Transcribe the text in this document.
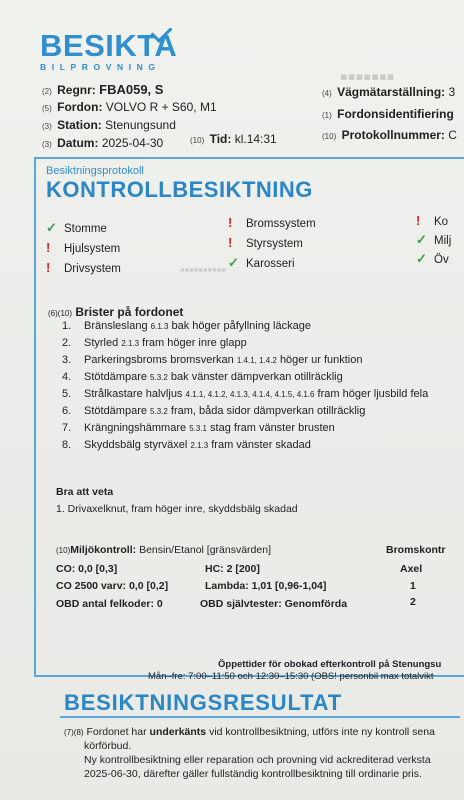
BESIKTA
BILPROVNING	▪▪▪▪▪▪▪
(2) Regnr: FBA059, S
(5) Fordon: VOLVO R + S60, M1
(3) Station: Stenungsund
(3) Datum: 2025-04-30	(10) Tid: kl.14:31
(4) Vägmätarställning: 3
(1) Fordonsidentifiering
(10) Protokollnummer: C
Besiktningsprotokoll
KONTROLLBESIKTNING
✓ Stomme
! Hjulsystem
! Drivsystem
! Bromssystem
! Styrsystem
✓ Karosseri
! Ko
✓ Milj
✓ Öv
▪▪▪▪▪▪▪▪▪▪
(6)(10) Brister på fordonet
1. Bränsleslang 6.1.3 bak höger påfyllning läckage
2. Styrled 2.1.3 fram höger inre glapp
3. Parkeringsbroms bromsverkan 1.4.1, 1.4.2 höger ur funktion
4. Stötdämpare 5.3.2 bak vänster dämpverkan otillräcklig
5. Strålkastare halvljus 4.1.1, 4.1.2, 4.1.3, 4.1.4, 4.1.5, 4.1.6 fram höger ljusbild fela
6. Stötdämpare 5.3.2 fram, båda sidor dämpverkan otillräcklig
7. Krängningshämmare 5.3.1 stag fram vänster brusten
8. Skyddsbälg styrväxel 2.1.3 fram vänster skadad
Bra att veta
1. Drivaxelknut, fram höger inre, skyddsbälg skadad
(10)Miljökontroll: Bensin/Etanol [gränsvärden]
CO: 0,0 [0,3]	HC: 2 [200]
CO 2500 varv: 0,0 [0,2]	Lambda: 1,01 [0,96-1,04]
OBD antal felkoder: 0	OBD självtester: Genomförda
Bromskontr
Axel
1
2
Öppettider för obokad efterkontroll på Stenungsu
Mån–fre: 7:00–11:50 och 12:30–15:30 (OBS! personbil max totalvikt
BESIKTNINGSRESULTAT
(7)(8) Fordonet har underkänts vid kontrollbesiktning, utförs inte ny kontroll sena
körförbud.
Ny kontrollbesiktning eller reparation och provning vid ackrediterad verksta
2025-06-30, därefter gäller fullständig kontrollbesiktning till ordinarie pris.
